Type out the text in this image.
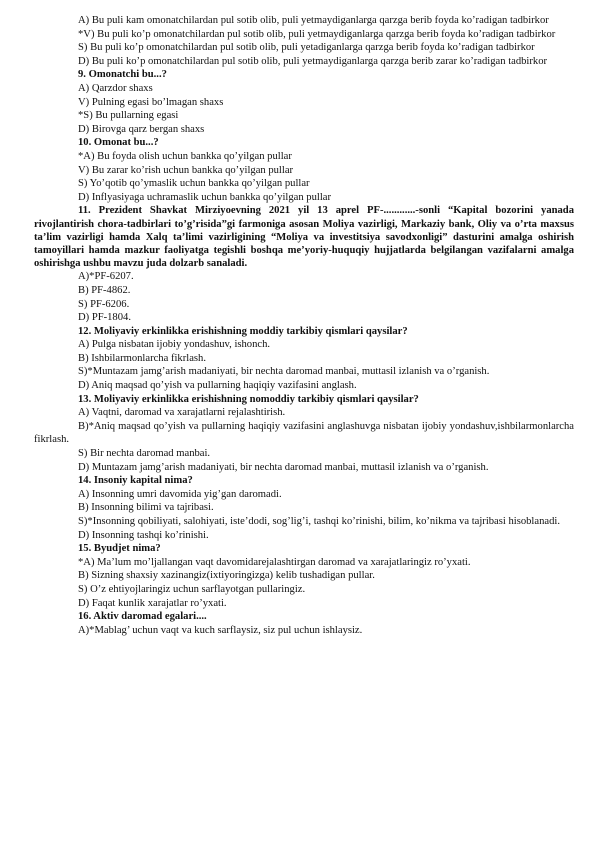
A) Bu puli kam omonatchilardan pul sotib olib, puli yetmaydiganlarga qarzga berib foyda ko’radigan tadbirkor

*V) Bu puli ko’p omonatchilardan pul sotib olib, puli yetmaydiganlarga qarzga berib foyda ko’radigan tadbirkor

S) Bu puli ko’p omonatchilardan pul sotib olib, puli yetadiganlarga qarzga berib foyda ko’radigan tadbirkor

D) Bu puli ko’p omonatchilardan pul sotib olib, puli yetmaydiganlarga qarzga berib zarar ko’radigan tadbirkor

9. Omonatchi bu...?

A) Qarzdor shaxs

V) Pulning egasi bo’lmagan shaxs

*S) Bu pullarning egasi

D) Birovga qarz bergan shaxs

10. Omonat bu...?

*A) Bu foyda olish uchun bankka qo’yilgan pullar

V) Bu zarar ko’rish uchun bankka qo’yilgan pullar

S) Yo’qotib qo’ymaslik uchun bankka qo’yilgan pullar

D) Inflyasiyaga uchramaslik uchun bankka qo’yilgan pullar

11. Prezident Shavkat Mirziyoevning 2021 yil 13 aprel PF-............-sonli “Kapital bozorini yanada rivojlantirish chora-tadbirlari to’g’risida”gi farmoniga asosan Moliya vazirligi, Markaziy bank, Oliy va o’rta maxsus ta’lim vazirligi hamda Xalq ta’limi vazirligining “Moliya va investitsiya savodxonligi” dasturini amalga oshirish tamoyillari hamda mazkur faoliyatga tegishli boshqa me’yoriy-huquqiy hujjatlarda belgilangan vazifalarni amalga oshirishga ushbu mavzu juda dolzarb sanaladi.

A)*PF-6207.

B) PF-4862.

S) PF-6206.

D) PF-1804.

12. Moliyaviy erkinlikka erishishning moddiy tarkibiy qismlari qaysilar?

A) Pulga nisbatan ijobiy yondashuv, ishonch.

B) Ishbilarmonlarcha fikrlash.

S)*Muntazam jamg’arish madaniyati, bir nechta daromad manbai, muttasil izlanish va o’rganish.

D) Aniq maqsad qo’yish va pullarning haqiqiy vazifasini anglash.

13. Moliyaviy erkinlikka erishishning nomoddiy tarkibiy qismlari qaysilar?

A) Vaqtni, daromad va xarajatlarni rejalashtirish.

B)*Aniq maqsad qo’yish va pullarning haqiqiy vazifasini anglashuvga nisbatan ijobiy yondashuv,ishbilarmonlarcha fikrlash.

S) Bir nechta daromad manbai.

D) Muntazam jamg’arish madaniyati, bir nechta daromad manbai, muttasil izlanish va o’rganish.

14. Insoniy kapital nima?

A) Insonning umri davomida yig’gan daromadi.

B) Insonning bilimi va tajribasi.

S)*Insonning qobiliyati, salohiyati, iste’dodi, sog’lig’i, tashqi ko’rinishi, bilim, ko’nikma va tajribasi hisoblanadi.

D) Insonning tashqi ko’rinishi.

15. Byudjet nima?

*A) Ma’lum mo’ljallangan vaqt davomidarejalashtirgan daromad va xarajatlaringiz ro’yxati.

B) Sizning shaxsiy xazinangiz(ixtiyoringizga) kelib tushadigan pullar.

S) O’z ehtiyojlaringiz uchun sarflayotgan pullaringiz.

D) Faqat kunlik xarajatlar ro’yxati.

16. Aktiv daromad egalari....

A)*Mablag’ uchun vaqt va kuch sarflaysiz, siz pul uchun ishlaysiz.
